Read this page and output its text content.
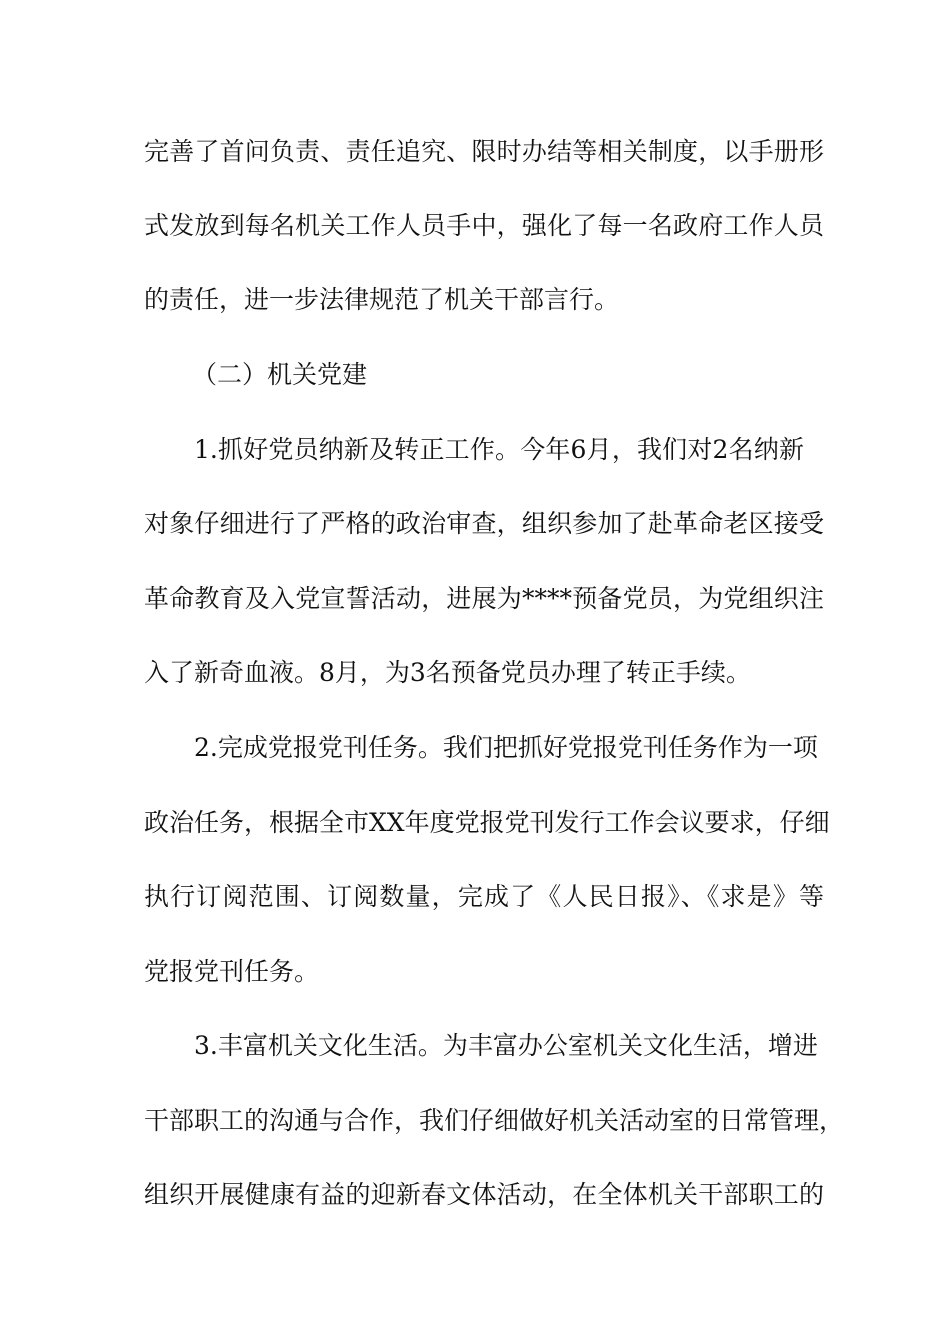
完善了首问负责、责任追究、限时办结等相关制度，以手册形
式发放到每名机关工作人员手中，强化了每一名政府工作人员
的责任，进一步法律规范了机关干部言行。
（二）机关党建
1.抓好党员纳新及转正工作。今年6月，我们对2名纳新
对象仔细进行了严格的政治审查，组织参加了赴革命老区接受
革命教育及入党宣誓活动，进展为****预备党员，为党组织注
入了新奇血液。8月，为3名预备党员办理了转正手续。
2.完成党报党刊任务。我们把抓好党报党刊任务作为一项
政治任务，根据全市XX年度党报党刊发行工作会议要求，仔细
执行订阅范围、订阅数量，完成了《人民日报》、《求是》等
党报党刊任务。
3.丰富机关文化生活。为丰富办公室机关文化生活，增进
干部职工的沟通与合作，我们仔细做好机关活动室的日常管理，
组织开展健康有益的迎新春文体活动，在全体机关干部职工的
